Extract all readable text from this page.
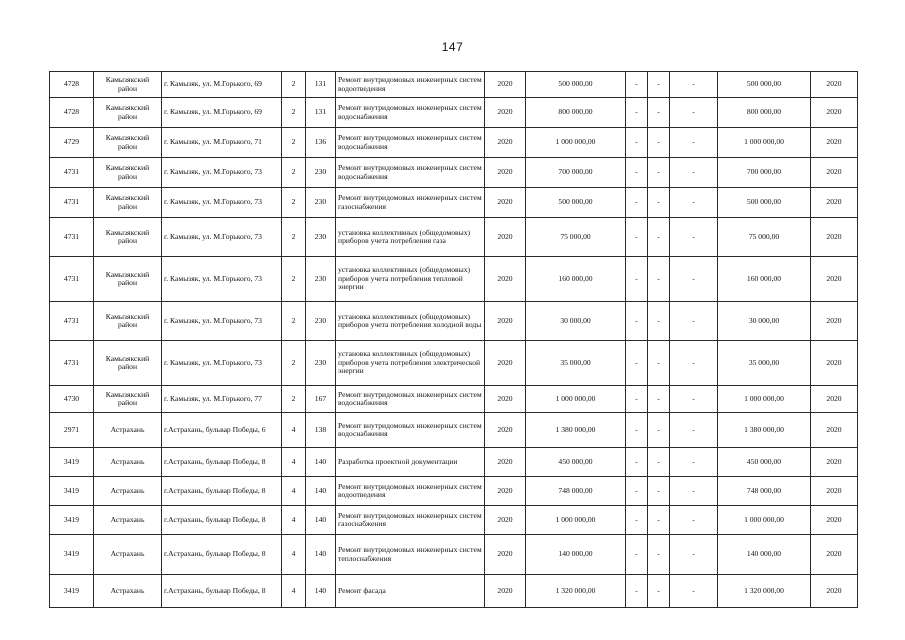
147
4728	Камызякский район	г. Камызяк, ул. М.Горького, 69	2	131	Ремонт внутридомовых инженерных систем водоотведения	2020	500 000,00	-	-	-	500 000,00	2020
4728	Камызякский район	г. Камызяк, ул. М.Горького, 69	2	131	Ремонт внутридомовых инженерных систем водоснабжения	2020	800 000,00	-	-	-	800 000,00	2020
4729	Камызякский район	г. Камызяк, ул. М.Горького, 71	2	136	Ремонт внутридомовых инженерных систем водоснабжения	2020	1 000 000,00	-	-	-	1 000 000,00	2020
4731	Камызякский район	г. Камызяк, ул. М.Горького, 73	2	230	Ремонт внутридомовых инженерных систем водоснабжения	2020	700 000,00	-	-	-	700 000,00	2020
4731	Камызякский район	г. Камызяк, ул. М.Горького, 73	2	230	Ремонт внутридомовых инженерных систем газоснабжения	2020	500 000,00	-	-	-	500 000,00	2020
4731	Камызякский район	г. Камызяк, ул. М.Горького, 73	2	230	установка коллективных (общедомовых) приборов учета потребления газа	2020	75 000,00	-	-	-	75 000,00	2020
4731	Камызякский район	г. Камызяк, ул. М.Горького, 73	2	230	установка коллективных (общедомовых) приборов учета потребления тепловой энергии	2020	160 000,00	-	-	-	160 000,00	2020
4731	Камызякский район	г. Камызяк, ул. М.Горького, 73	2	230	установка коллективных (общедомовых) приборов учета потребления холодной воды	2020	30 000,00	-	-	-	30 000,00	2020
4731	Камызякский район	г. Камызяк, ул. М.Горького, 73	2	230	установка коллективных (общедомовых) приборов учета потребления электрической энергии	2020	35 000,00	-	-	-	35 000,00	2020
4730	Камызякский район	г. Камызяк, ул. М.Горького, 77	2	167	Ремонт внутридомовых инженерных систем водоснабжения	2020	1 000 000,00	-	-	-	1 000 000,00	2020
2971	Астрахань	г.Астрахань, бульвар Победы, 6	4	138	Ремонт внутридомовых инженерных систем водоснабжения	2020	1 380 000,00	-	-	-	1 380 000,00	2020
3419	Астрахань	г.Астрахань, бульвар Победы, 8	4	140	Разработка проектной документации	2020	450 000,00	-	-	-	450 000,00	2020
3419	Астрахань	г.Астрахань, бульвар Победы, 8	4	140	Ремонт внутридомовых инженерных систем водоотведения	2020	748 000,00	-	-	-	748 000,00	2020
3419	Астрахань	г.Астрахань, бульвар Победы, 8	4	140	Ремонт внутридомовых инженерных систем газоснабжения	2020	1 000 000,00	-	-	-	1 000 000,00	2020
3419	Астрахань	г.Астрахань, бульвар Победы, 8	4	140	Ремонт внутридомовых инженерных систем теплоснабжения	2020	140 000,00	-	-	-	140 000,00	2020
3419	Астрахань	г.Астрахань, бульвар Победы, 8	4	140	Ремонт фасада	2020	1 320 000,00	-	-	-	1 320 000,00	2020
